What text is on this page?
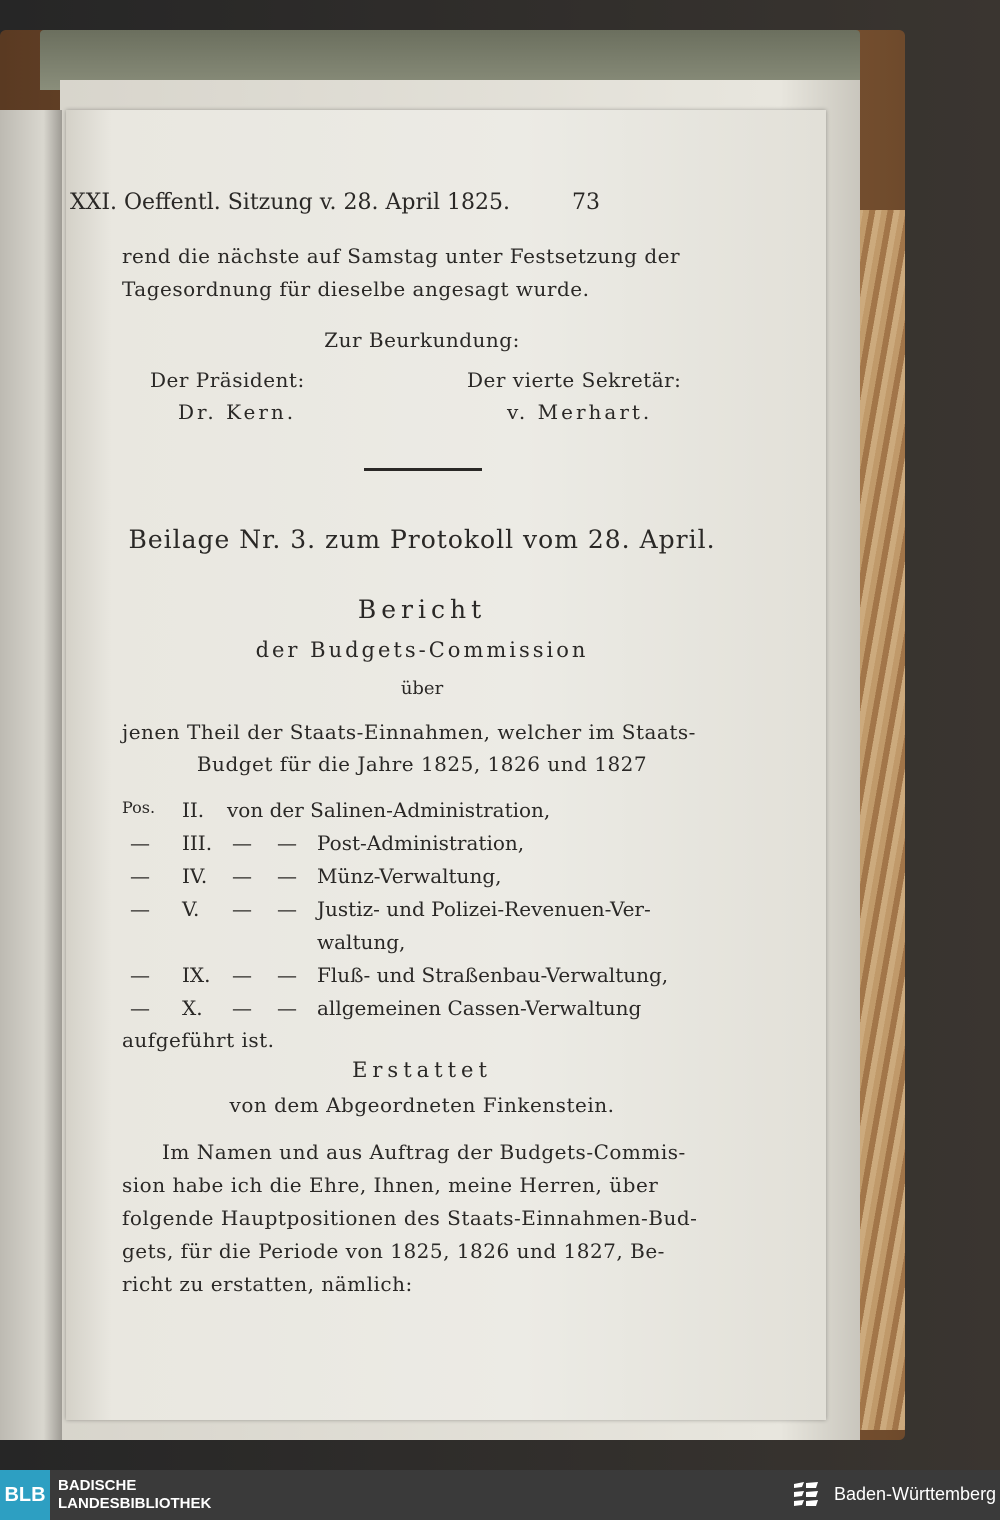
XXI. Oeffentl. Sitzung v. 28. April 1825.	73
rend die nächste auf Samstag unter Festsetzung der
Tagesordnung für dieselbe angesagt wurde.
Zur Beurkundung:
Der Präsident:	Der vierte Sekretär:
Dr. Kern.	v. Merhart.
Beilage Nr. 3. zum Protokoll vom 28. April.
Bericht
der Budgets-Commission
über
jenen Theil der Staats-Einnahmen, welcher im Staats-
Budget für die Jahre 1825, 1826 und 1827
Pos. II. von der Salinen-Administration,
— III. — — Post-Administration,
— IV. — — Münz-Verwaltung,
— V. — — Justiz- und Polizei-Revenuen-Ver-
waltung,
— IX. — — Fluß- und Straßenbau-Verwaltung,
— X. — — allgemeinen Cassen-Verwaltung
aufgeführt ist.
Erstattet
von dem Abgeordneten Finkenstein.
Im Namen und aus Auftrag der Budgets-Commis-
sion habe ich die Ehre, Ihnen, meine Herren, über
folgende Hauptpositionen des Staats-Einnahmen-Bud-
gets, für die Periode von 1825, 1826 und 1827, Be-
richt zu erstatten, nämlich:
BLB BADISCHE
LANDESBIBLIOTHEK	Baden-Württemberg
